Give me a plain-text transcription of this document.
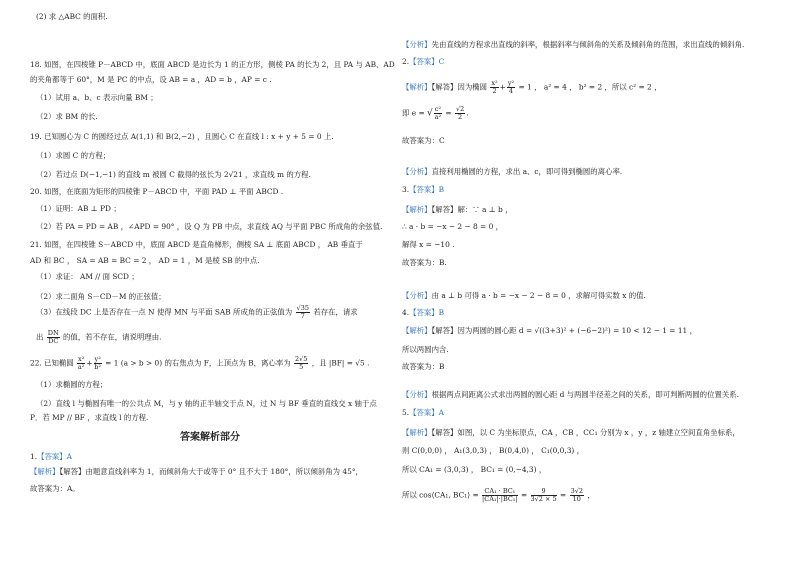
(2) 求 △ABC 的面积.
18. 如图，在四棱锥 P－ABCD 中，底面 ABCD 是边长为 1 的正方形，侧棱 PA 的长为 2，且 PA 与 AB、AD
的夹角都等于 60°，M 是 PC 的中点，设 AB = a ，AD = b ，AP = c .
（1）试用 a、b、c 表示向量 BM ；
（2）求 BM 的长.
19. 已知圆心为 C 的圆经过点 A(1,1) 和 B(2,−2) ，且圆心 C 在直线 l : x + y + 5 = 0 上.
（1）求圆 C 的方程；
（2）若过点 D(−1,−1) 的直线 m 被圆 C 截得的弦长为 2√21 ，求直线 m 的方程.
20. 如图，在底面为矩形的四棱锥 P－ABCD 中，平面 PAD ⊥ 平面 ABCD .
（1）证明：AB ⊥ PD ；
（2）若 PA = PD = AB ，∠APD = 90° ，设 Q 为 PB 中点，求直线 AQ 与平面 PBC 所成角的余弦值.
21. 如图，在四棱锥 S－ABCD 中，底面 ABCD 是直角梯形，侧棱 SA ⊥ 底面 ABCD ， AB 垂直于
AD 和 BC ， SA = AB = BC = 2 ， AD = 1 ，M 是棱 SB 的中点.
（1）求证： AM // 面 SCD ；
（2）求二面角 S－CD－M 的正弦值；
（3）在线段 DC 上是否存在一点 N 使得 MN 与平面 SAB 所成角的正弦值为 $\frac{√35}{7}$ 若存在，请求
出 $\frac{DN}{DC}$ 的值，若不存在，请说明理由.
22. 已知椭圆 $\frac{\text{x²}}{\text{a²}} + \frac{\text{y²}}{\text{b²}} = 1$ (a > b > 0) 的右焦点为 F，上顶点为 B，离心率为 $\frac{2√5}{5}$ ，且 |BF| = √5 .
（1）求椭圆的方程；
（2）直线 l 与椭圆有唯一的公共点 M，与 y 轴的正半轴交于点 N，过 N 与 BF 垂直的直线交 x 轴于点
P．若 MP // BF ，求直线 l 的方程.
答案解析部分
1.【答案】A
【解析】【解答】由题意直线斜率为 1，而倾斜角大于或等于 0° 且不大于 180°，所以倾斜角为 45°，
故答案为：A。
【分析】先由直线的方程求出直线的斜率，根据斜率与倾斜角的关系及倾斜角的范围，求出直线的倾斜角.
2.【答案】C
【解析】【解答】因为椭圆 $\frac{\text{x²}}{2} + \frac{\text{y²}}{4} = 1$ ， a² = 4 ， b² = 2 ，所以 c² = 2 ，
即 e = √ $\frac{\text{c²}}{\text{a²}} = \frac{√2}{2}$ .
故答案为：C
【分析】直接利用椭圆的方程，求出 a、c，即可得到椭圆的离心率.
3.【答案】B
【解析】【解答】解：∵ a ⊥ b ，
∴ a · b = −x − 2 − 8 = 0 ，
解得 x = −10 .
故答案为：B.
【分析】由 a ⊥ b 可得 a · b = −x − 2 − 8 = 0 ，求解可得实数 x 的值.
4.【答案】B
【解析】【解答】因为两圆的圆心距 d = √((3+3)² + (−6−2)²) = 10 < 12 − 1 = 11 ，
所以两圆内含.
故答案为：B
【分析】根据两点间距离公式求出两圆的圆心距 d 与两圆半径差之间的关系，即可判断两圆的位置关系.
5.【答案】A
【解析】【解答】如图，以 C 为坐标原点，CA ，CB ，CC₁ 分别为 x ，y ，z 轴建立空间直角坐标系，
则 C(0,0,0) ， A₁(3,0,3) ， B(0,4,0) ， C₁(0,0,3) ，
所以 CA₁ = (3,0,3) ， BC₁ = (0,−4,3) ，
所以 cos⟨CA₁, BC₁⟩ = $\frac{\text{CA₁ · BC₁}}{\text{|CA₁|·|BC₁|}} = \frac{9}{3√2 \times 5} = \frac{3√2}{10}$ ，
